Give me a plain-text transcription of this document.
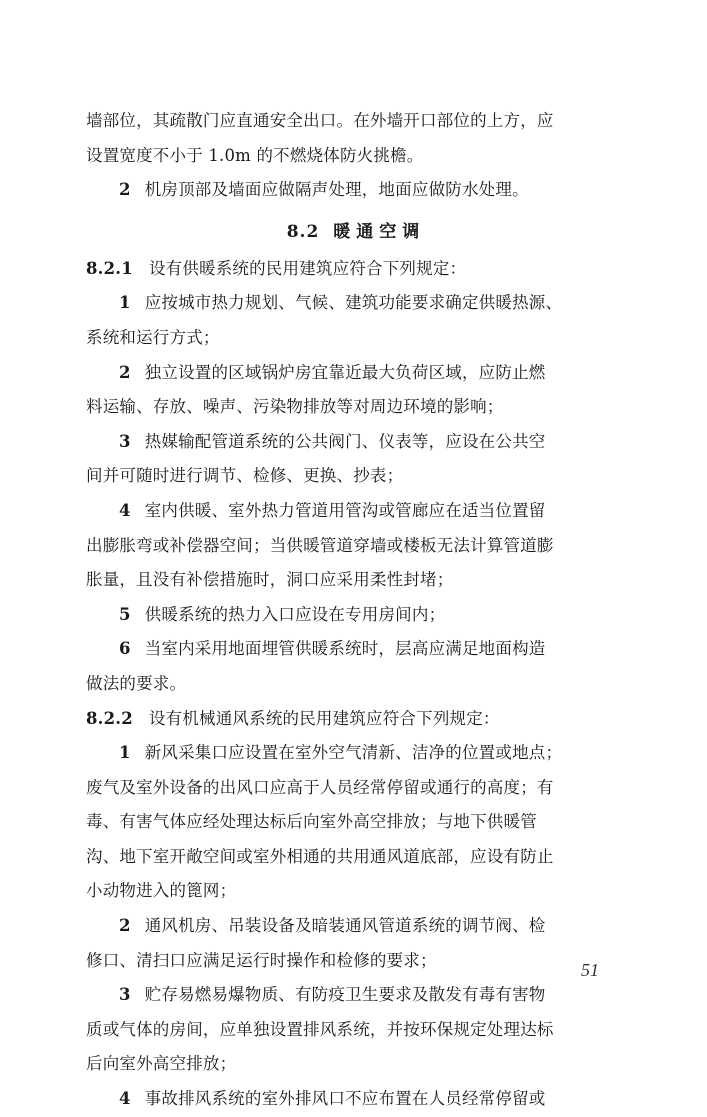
墙部位，其疏散门应直通安全出口。在外墙开口部位的上方，应
设置宽度不小于 1.0m 的不燃烧体防火挑檐。
2 机房顶部及墙面应做隔声处理，地面应做防水处理。
8.2 暖通空调
8.2.1 设有供暖系统的民用建筑应符合下列规定：
1 应按城市热力规划、气候、建筑功能要求确定供暖热源、
系统和运行方式；
2 独立设置的区域锅炉房宜靠近最大负荷区域，应防止燃
料运输、存放、噪声、污染物排放等对周边环境的影响；
3 热媒输配管道系统的公共阀门、仪表等，应设在公共空
间并可随时进行调节、检修、更换、抄表；
4 室内供暖、室外热力管道用管沟或管廊应在适当位置留
出膨胀弯或补偿器空间；当供暖管道穿墙或楼板无法计算管道膨
胀量，且没有补偿措施时，洞口应采用柔性封堵；
5 供暖系统的热力入口应设在专用房间内；
6 当室内采用地面埋管供暖系统时，层高应满足地面构造
做法的要求。
8.2.2 设有机械通风系统的民用建筑应符合下列规定：
1 新风采集口应设置在室外空气清新、洁净的位置或地点；
废气及室外设备的出风口应高于人员经常停留或通行的高度；有
毒、有害气体应经处理达标后向室外高空排放；与地下供暖管
沟、地下室开敞空间或室外相通的共用通风道底部，应设有防止
小动物进入的篦网；
2 通风机房、吊装设备及暗装通风管道系统的调节阀、检
修口、清扫口应满足运行时操作和检修的要求；
3 贮存易燃易爆物质、有防疫卫生要求及散发有毒有害物
质或气体的房间，应单独设置排风系统，并按环保规定处理达标
后向室外高空排放；
4 事故排风系统的室外排风口不应布置在人员经常停留或
51
